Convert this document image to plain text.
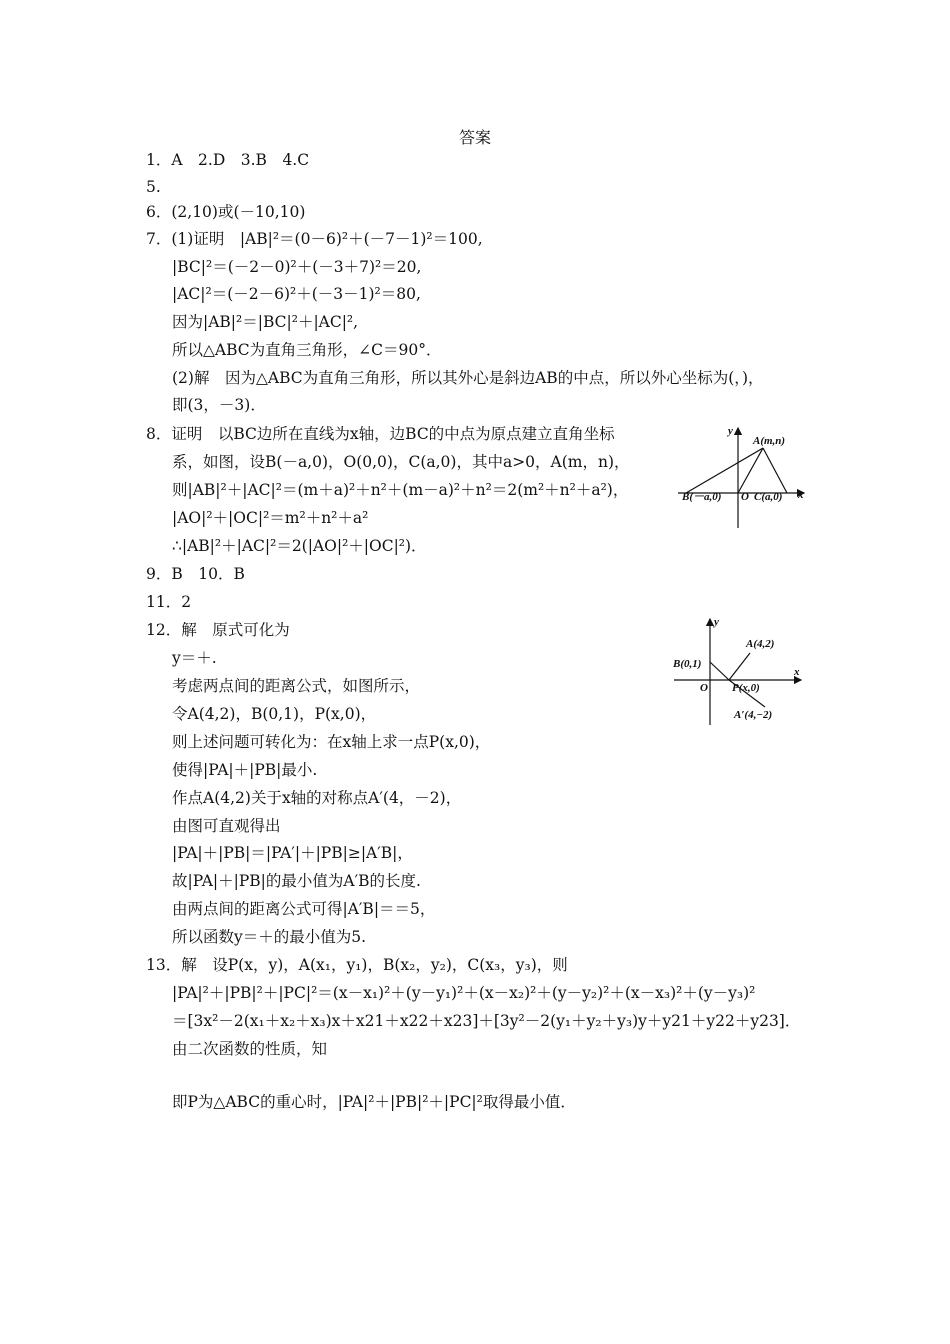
答案
1．A　2.D　3.B　4.C
5.
6．(2,10)或(－10,10)
7．(1)证明　|AB|²＝(0－6)²＋(－7－1)²＝100,
|BC|²＝(－2－0)²＋(－3＋7)²＝20,
|AC|²＝(－2－6)²＋(－3－1)²＝80,
因为|AB|²＝|BC|²＋|AC|²,
所以△ABC为直角三角形，∠C＝90°．
(2)解　因为△ABC为直角三角形，所以其外心是斜边AB的中点，所以外心坐标为(，)，
即(3，－3)．
8．证明　以BC边所在直线为x轴，边BC的中点为原点建立直角坐标
系，如图，设B(－a,0)，O(0,0)，C(a,0)，其中a>0，A(m，n)，
则|AB|²＋|AC|²＝(m＋a)²＋n²＋(m－a)²＋n²＝2(m²＋n²＋a²)，
|AO|²＋|OC|²＝m²＋n²＋a²
∴|AB|²＋|AC|²＝2(|AO|²＋|OC|²)．
9．B　10．B
11．2
12．解　原式可化为
y＝＋.
考虑两点间的距离公式，如图所示，
令A(4,2)，B(0,1)，P(x,0)，
则上述问题可转化为：在x轴上求一点P(x,0)，
使得|PA|＋|PB|最小.
作点A(4,2)关于x轴的对称点A′(4，－2)，
由图可直观得出
|PA|＋|PB|＝|PA′|＋|PB|≥|A′B|，
故|PA|＋|PB|的最小值为A′B的长度.
由两点间的距离公式可得|A′B|＝＝5，
所以函数y＝＋的最小值为5.
13．解　设P(x，y)，A(x₁，y₁)，B(x₂，y₂)，C(x₃，y₃)，则
|PA|²＋|PB|²＋|PC|²＝(x－x₁)²＋(y－y₁)²＋(x－x₂)²＋(y－y₂)²＋(x－x₃)²＋(y－y₃)²
＝[3x²－2(x₁＋x₂＋x₃)x＋x21＋x22＋x23]＋[3y²－2(y₁＋y₂＋y₃)y＋y21＋y22＋y23]．
由二次函数的性质，知
即P为△ABC的重心时，|PA|²＋|PB|²＋|PC|²取得最小值．
y
x
A(m,n)
B(－a,0) O C(a,0)
y
x
A(4,2)
B(0,1)
O P(x,0)
A′(4,−2)
